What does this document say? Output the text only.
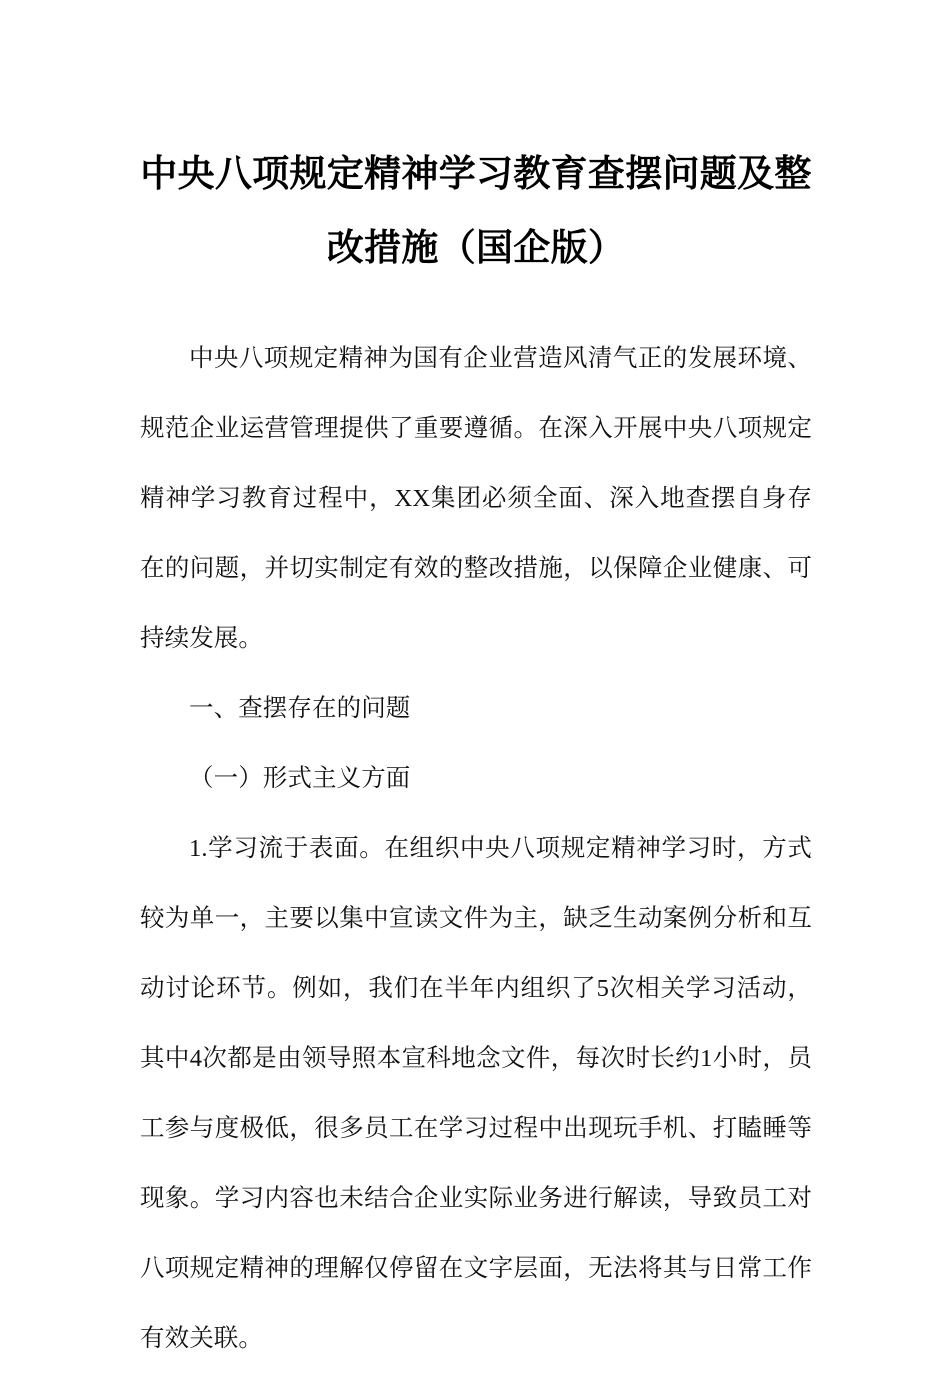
中央八项规定精神学习教育查摆问题及整
改措施（国企版）

中央八项规定精神为国有企业营造风清气正的发展环境、规范企业运营管理提供了重要遵循。在深入开展中央八项规定精神学习教育过程中，XX集团必须全面、深入地查摆自身存在的问题，并切实制定有效的整改措施，以保障企业健康、可持续发展。

一、查摆存在的问题

（一）形式主义方面

1.学习流于表面。在组织中央八项规定精神学习时，方式较为单一，主要以集中宣读文件为主，缺乏生动案例分析和互动讨论环节。例如，我们在半年内组织了5次相关学习活动，其中4次都是由领导照本宣科地念文件，每次时长约1小时，员工参与度极低，很多员工在学习过程中出现玩手机、打瞌睡等现象。学习内容也未结合企业实际业务进行解读，导致员工对八项规定精神的理解仅停留在文字层面，无法将其与日常工作有效关联。
